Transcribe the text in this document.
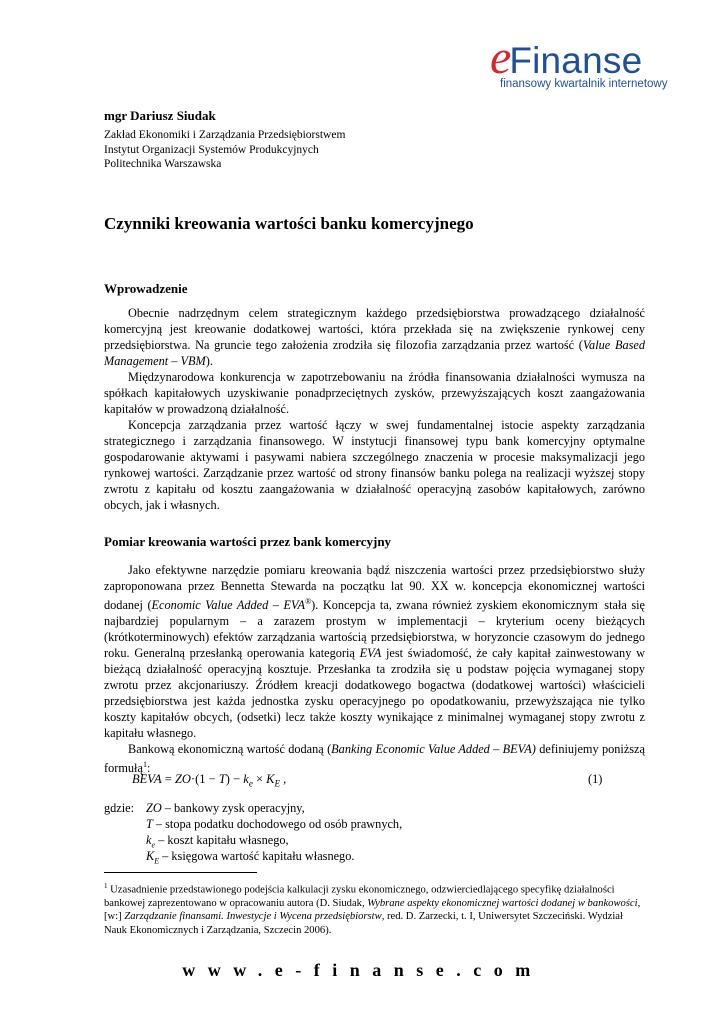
eFinanse
finansowy kwartalnik internetowy
mgr Dariusz Siudak
Zakład Ekonomiki i Zarządzania Przedsiębiorstwem
Instytut Organizacji Systemów Produkcyjnych
Politechnika Warszawska
Czynniki kreowania wartości banku komercyjnego
Wprowadzenie

Obecnie nadrzędnym celem strategicznym każdego przedsiębiorstwa prowadzącego działalność komercyjną jest kreowanie dodatkowej wartości, która przekłada się na zwiększenie rynkowej ceny przedsiębiorstwa. Na gruncie tego założenia zrodziła się filozofia zarządzania przez wartość (Value Based Management – VBM).

Międzynarodowa konkurencja w zapotrzebowaniu na źródła finansowania działalności wymusza na spółkach kapitałowych uzyskiwanie ponadprzeciętnych zysków, przewyższających koszt zaangażowania kapitałów w prowadzoną działalność.

Koncepcja zarządzania przez wartość łączy w swej fundamentalnej istocie aspekty zarządzania strategicznego i zarządzania finansowego. W instytucji finansowej typu bank komercyjny optymalne gospodarowanie aktywami i pasywami nabiera szczególnego znaczenia w procesie maksymalizacji jego rynkowej wartości. Zarządzanie przez wartość od strony finansów banku polega na realizacji wyższej stopy zwrotu z kapitału od kosztu zaangażowania w działalność operacyjną zasobów kapitałowych, zarówno obcych, jak i własnych.

Pomiar kreowania wartości przez bank komercyjny

Jako efektywne narzędzie pomiaru kreowania bądź niszczenia wartości przez przedsiębiorstwo służy zaproponowana przez Bennetta Stewarda na początku lat 90. XX w. koncepcja ekonomicznej wartości dodanej (Economic Value Added – EVA®). Koncepcja ta, zwana również zyskiem ekonomicznym· stała się najbardziej popularnym – a zarazem prostym w implementacji – kryterium oceny bieżących (krótkoterminowych) efektów zarządzania wartością przedsiębiorstwa, w horyzoncie czasowym do jednego roku. Generalną przesłanką operowania kategorią EVA jest świadomość, że cały kapitał zainwestowany w bieżącą działalność operacyjną kosztuje. Przesłanka ta zrodziła się u podstaw pojęcia wymaganej stopy zwrotu przez akcjonariuszy. Źródłem kreacji dodatkowego bogactwa (dodatkowej wartości) właścicieli przedsiębiorstwa jest każda jednostka zysku operacyjnego po opodatkowaniu, przewyższająca nie tylko koszty kapitałów obcych, (odsetki) lecz także koszty wynikające z minimalnej wymaganej stopy zwrotu z kapitału własnego.

Bankową ekonomiczną wartość dodaną (Banking Economic Value Added – BEVA) definiujemy poniższą formułą$^1$:

BEVA = $ZO\cdot(1 - T) - k_e \times K_E$ ,	(1)
gdzie: ZO – bankowy zysk operacyjny,
T – stopa podatku dochodowego od osób prawnych,
$k_e$ – koszt kapitału własnego,
$K_E$ – księgowa wartość kapitału własnego.

$^1$ Uzasadnienie przedstawionego podejścia kalkulacji zysku ekonomicznego, odzwierciedlającego specyfikę działalności bankowej zaprezentowano w opracowaniu autora (D. Siudak, Wybrane aspekty ekonomicznej wartości dodanej w bankowości, [w:] Zarządzanie finansami. Inwestycje i Wycena przedsiębiorstw, red. D. Zarzecki, t. I, Uniwersytet Szczeciński. Wydział Nauk Ekonomicznych i Zarządzania, Szczecin 2006).

www.e-finanse.com
